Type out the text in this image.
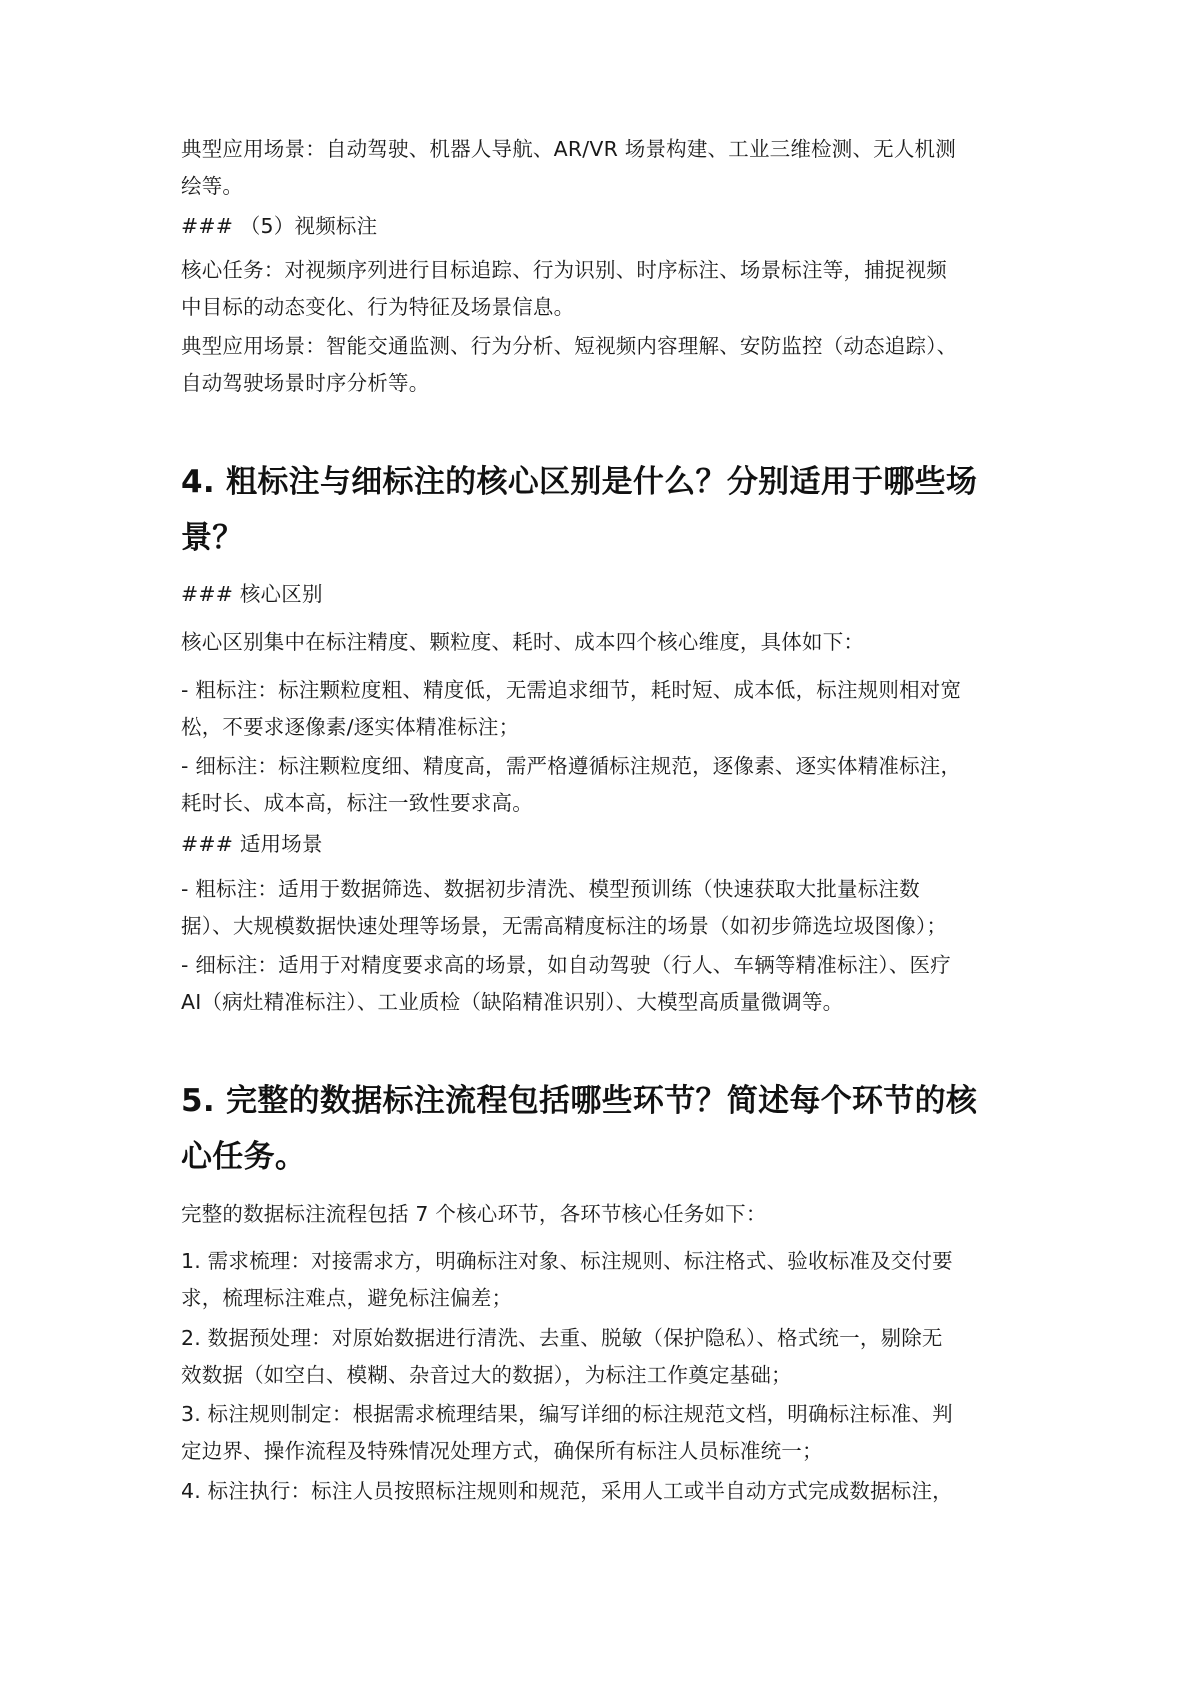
典型应用场景：自动驾驶、机器人导航、AR/VR 场景构建、工业三维检测、无人机测
绘等。
### （5）视频标注
核心任务：对视频序列进行目标追踪、行为识别、时序标注、场景标注等，捕捉视频
中目标的动态变化、行为特征及场景信息。
典型应用场景：智能交通监测、行为分析、短视频内容理解、安防监控（动态追踪）、
自动驾驶场景时序分析等。
4. 粗标注与细标注的核心区别是什么？分别适用于哪些场
景？
### 核心区别
核心区别集中在标注精度、颗粒度、耗时、成本四个核心维度，具体如下：
- 粗标注：标注颗粒度粗、精度低，无需追求细节，耗时短、成本低，标注规则相对宽
松，不要求逐像素/逐实体精准标注；
- 细标注：标注颗粒度细、精度高，需严格遵循标注规范，逐像素、逐实体精准标注，
耗时长、成本高，标注一致性要求高。
### 适用场景
- 粗标注：适用于数据筛选、数据初步清洗、模型预训练（快速获取大批量标注数
据）、大规模数据快速处理等场景，无需高精度标注的场景（如初步筛选垃圾图像）；
- 细标注：适用于对精度要求高的场景，如自动驾驶（行人、车辆等精准标注）、医疗
AI（病灶精准标注）、工业质检（缺陷精准识别）、大模型高质量微调等。
5. 完整的数据标注流程包括哪些环节？简述每个环节的核
心任务。
完整的数据标注流程包括 7 个核心环节，各环节核心任务如下：
1. 需求梳理：对接需求方，明确标注对象、标注规则、标注格式、验收标准及交付要
求，梳理标注难点，避免标注偏差；
2. 数据预处理：对原始数据进行清洗、去重、脱敏（保护隐私）、格式统一，剔除无
效数据（如空白、模糊、杂音过大的数据），为标注工作奠定基础；
3. 标注规则制定：根据需求梳理结果，编写详细的标注规范文档，明确标注标准、判
定边界、操作流程及特殊情况处理方式，确保所有标注人员标准统一；
4. 标注执行：标注人员按照标注规则和规范，采用人工或半自动方式完成数据标注，
